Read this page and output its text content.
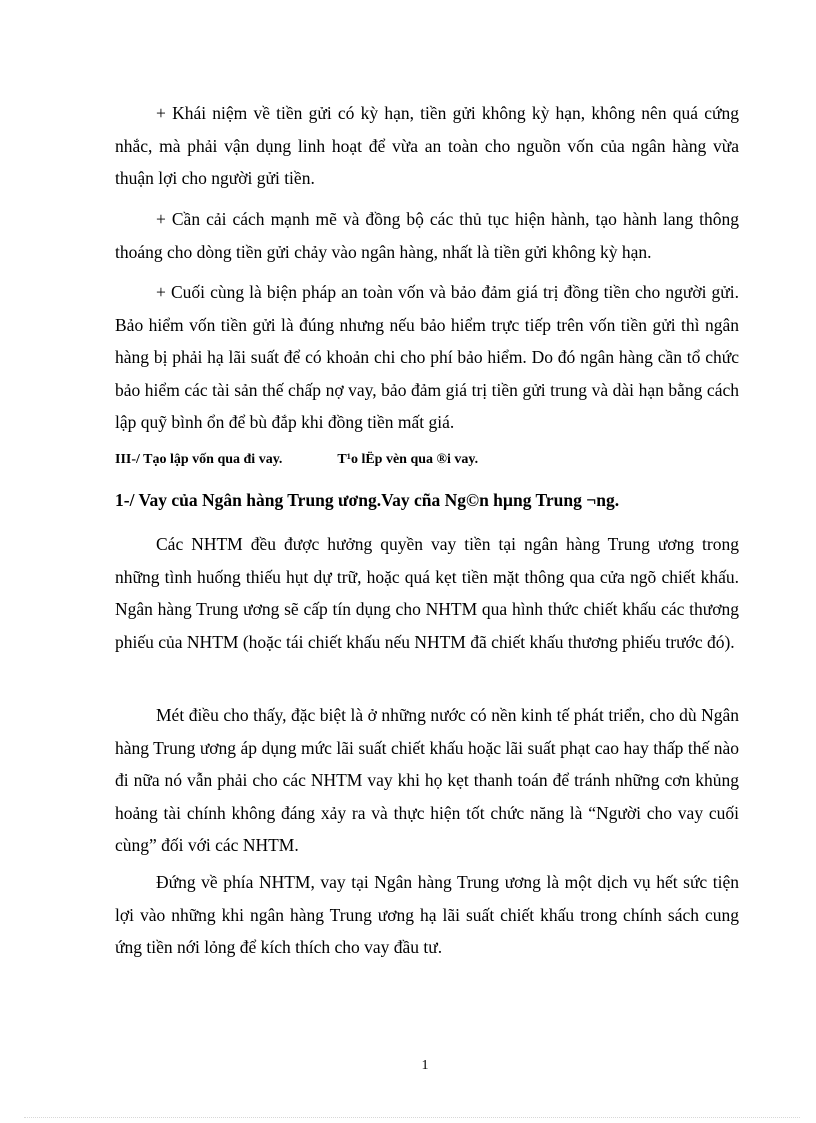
+ Khái niệm về tiền gửi có kỳ hạn, tiền gửi không kỳ hạn, không nên quá cứng nhắc, mà phải vận dụng linh hoạt để vừa an toàn cho nguồn vốn của ngân hàng vừa thuận lợi cho người gửi tiền.

+ Cần cải cách mạnh mẽ và đồng bộ các thủ tục hiện hành, tạo hành lang thông thoáng cho dòng tiền gửi chảy vào ngân hàng, nhất là tiền gửi không kỳ hạn.

+ Cuối cùng là biện pháp an toàn vốn và bảo đảm giá trị đồng tiền cho người gửi. Bảo hiểm vốn tiền gửi là đúng nhưng nếu bảo hiểm trực tiếp trên vốn tiền gửi thì ngân hàng bị phải hạ lãi suất để có khoản chi cho phí bảo hiểm. Do đó ngân hàng cần tổ chức bảo hiểm các tài sản thế chấp nợ vay, bảo đảm giá trị tiền gửi trung và dài hạn bằng cách lập quỹ bình ổn để bù đắp khi đồng tiền mất giá.

III-/ Tạo lập vốn qua đi vay.	T¹o lËp vèn qua ®i vay.

1-/ Vay của Ngân hàng Trung ương.Vay cña Ng©n hµng Trung ¬ng.

Các NHTM đều được hưởng quyền vay tiền tại ngân hàng Trung ương trong những tình huống thiếu hụt dự trữ, hoặc quá kẹt tiền mặt thông qua cửa ngõ chiết khấu. Ngân hàng Trung ương sẽ cấp tín dụng cho NHTM qua hình thức chiết khấu các thương phiếu của NHTM (hoặc tái chiết khấu nếu NHTM đã chiết khấu thương phiếu trước đó).

Mét điều cho thấy, đặc biệt là ở những nước có nền kinh tế phát triển, cho dù Ngân hàng Trung ương áp dụng mức lãi suất chiết khấu hoặc lãi suất phạt cao hay thấp thế nào đi nữa nó vẫn phải cho các NHTM vay khi họ kẹt thanh toán để tránh những cơn khủng hoảng tài chính không đáng xảy ra và thực hiện tốt chức năng là “Người cho vay cuối cùng” đối với các NHTM.

Đứng về phía NHTM, vay tại Ngân hàng Trung ương là một dịch vụ hết sức tiện lợi vào những khi ngân hàng Trung ương hạ lãi suất chiết khấu trong chính sách cung ứng tiền nới lỏng để kích thích cho vay đầu tư.

1
